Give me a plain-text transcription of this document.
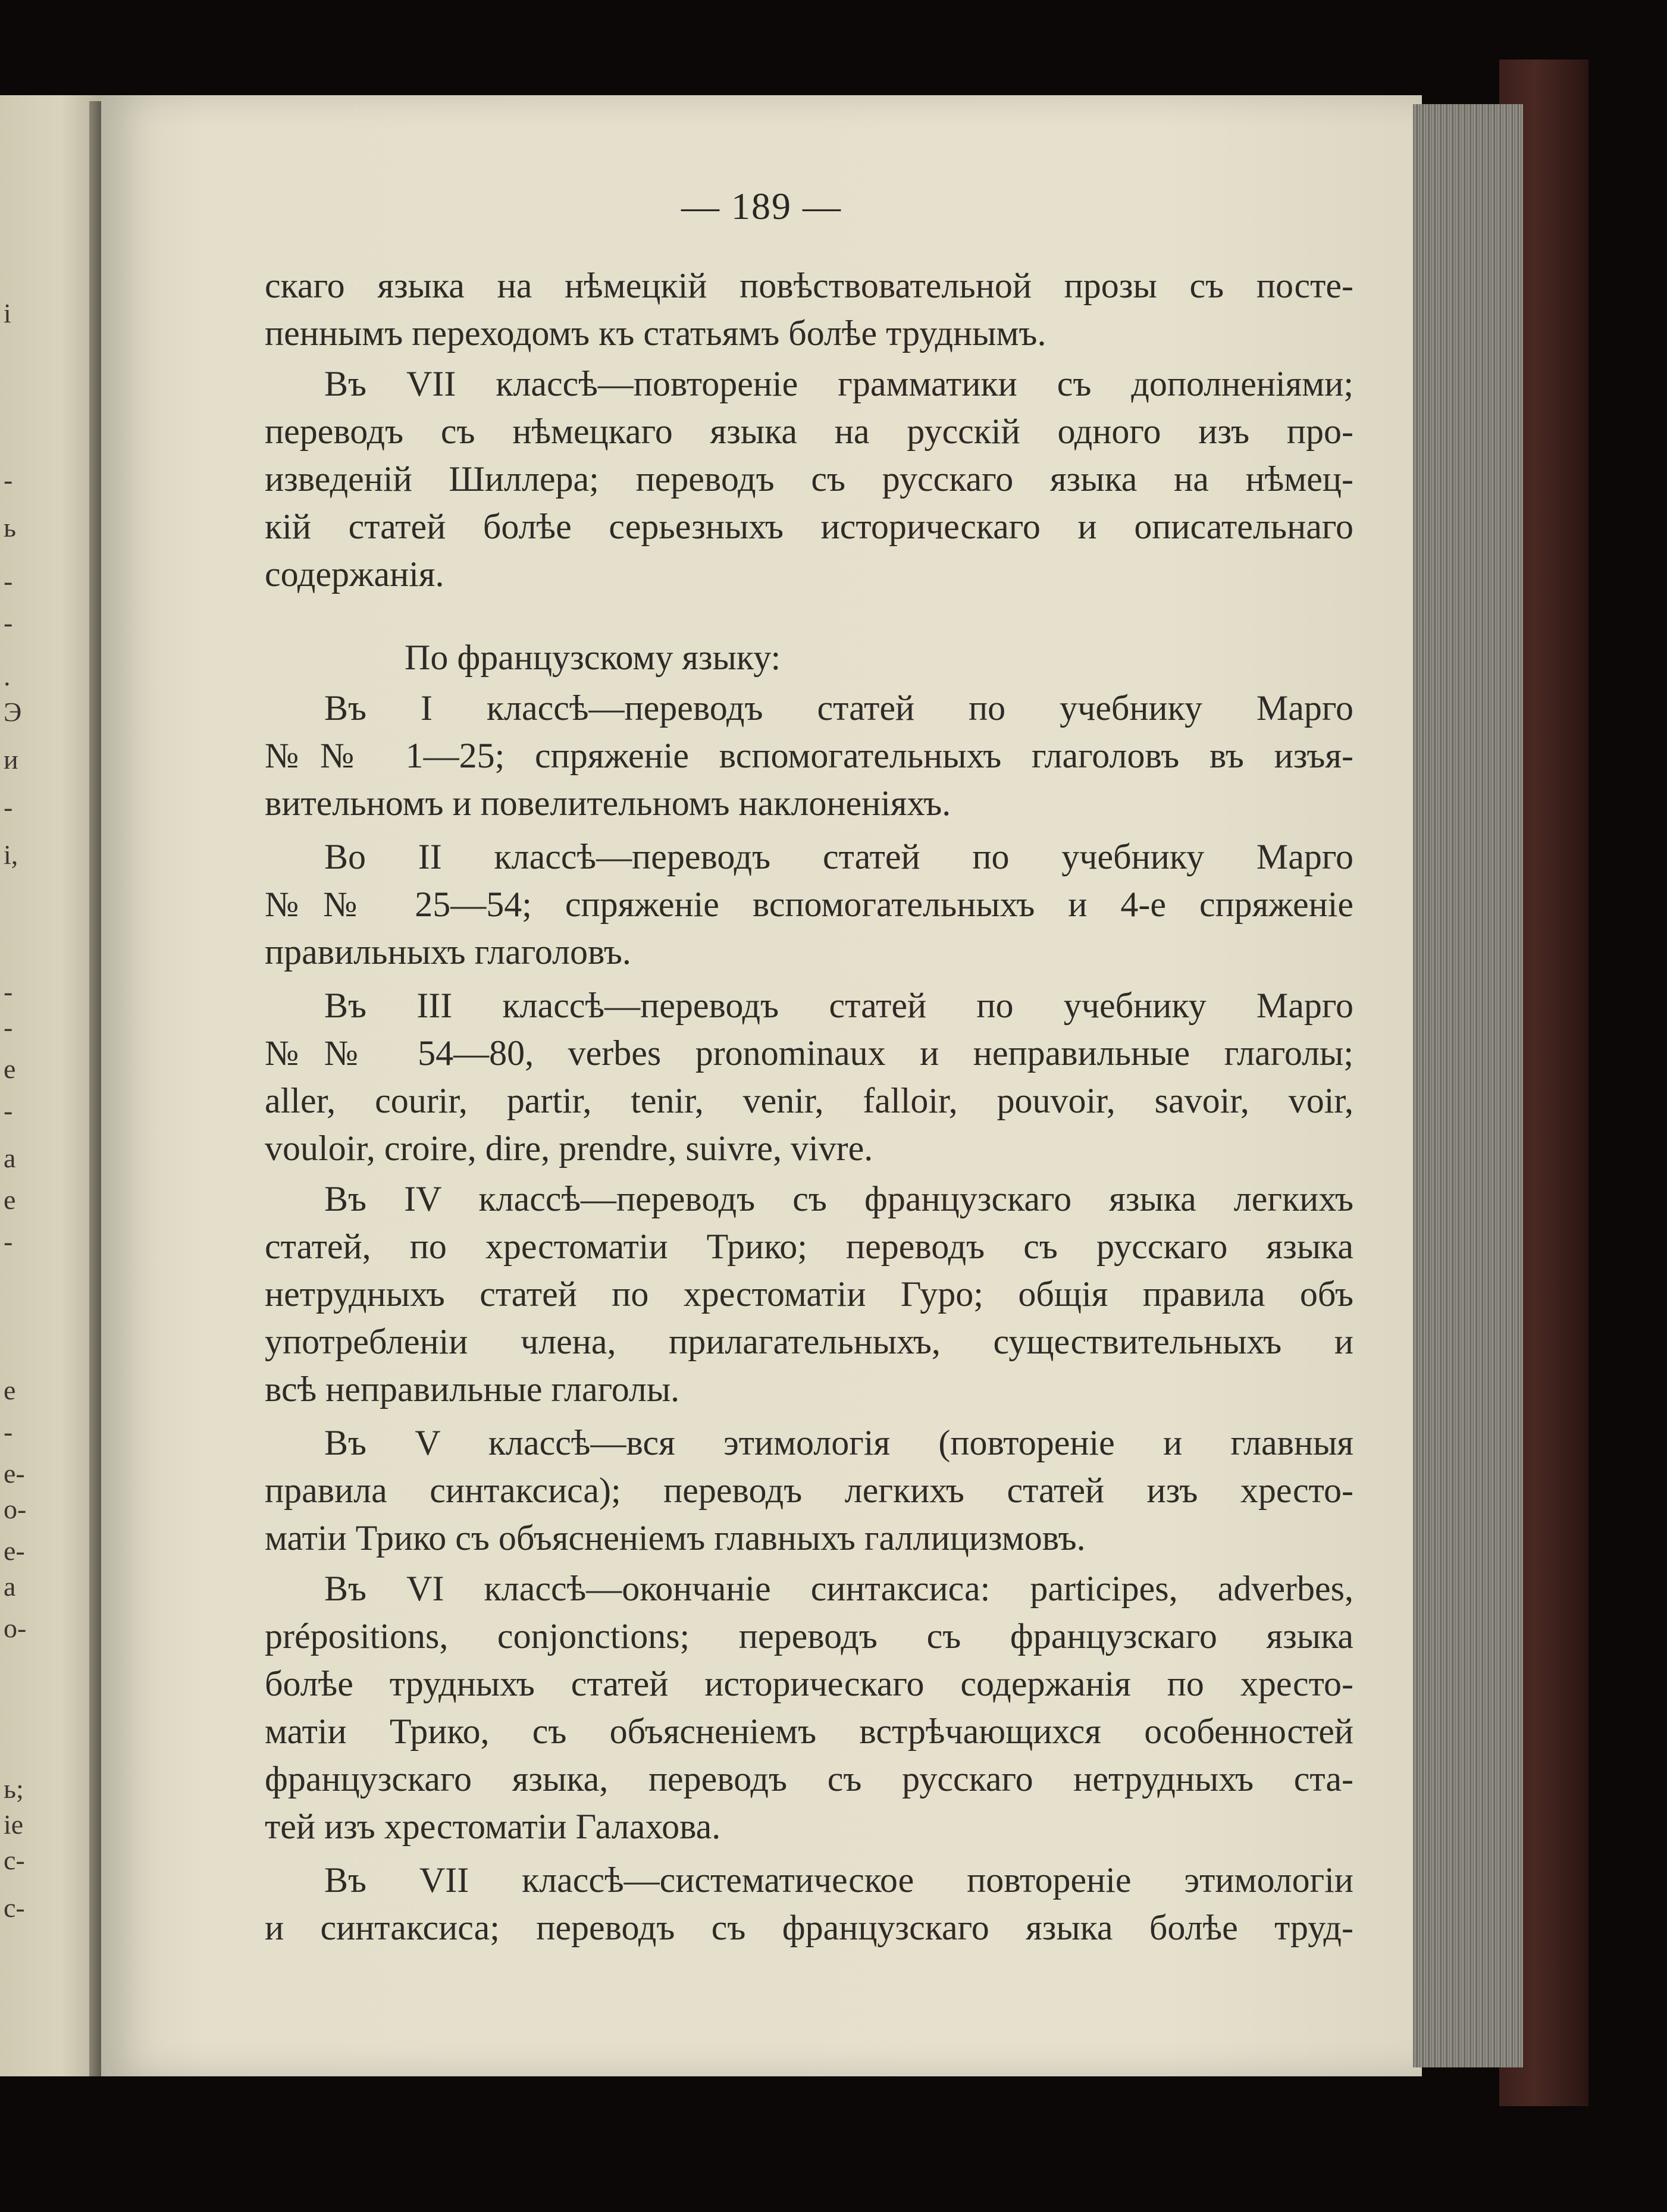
i
-
ь
-
-
.
Э
и
-
i,
-
-
е
-
а
е
-
е
-
е-
о-
е-
а
о-
ь;
iе
с-
с-
— 189 —
скаго языка на нѣмецкій повѣствовательной прозы съ посте-
пеннымъ переходомъ къ статьямъ болѣе труднымъ.
Въ VII классѣ—повтореніе грамматики съ дополненіями;
переводъ съ нѣмецкаго языка на русскій одного изъ про-
изведеній Шиллера; переводъ съ русскаго языка на нѣмец-
кій статей болѣе серьезныхъ историческаго и описательнаго
содержанія.
По французскому языку:
Въ I классѣ—переводъ статей по учебнику Марго
№№ 1—25; спряженіе вспомогательныхъ глаголовъ въ изъя-
вительномъ и повелительномъ наклоненіяхъ.
Во II классѣ—переводъ статей по учебнику Марго
№№ 25—54; спряженіе вспомогательныхъ и 4-е спряженіе
правильныхъ глаголовъ.
Въ III классѣ—переводъ статей по учебнику Марго
№№ 54—80, verbes pronominaux и неправильные глаголы;
aller, courir, partir, tenir, venir, falloir, pouvoir, savoir, voir,
vouloir, croire, dire, prendre, suivre, vivre.
Въ IV классѣ—переводъ съ французскаго языка легкихъ
статей, по хрестоматіи Трико; переводъ съ русскаго языка
нетрудныхъ статей по хрестоматіи Гуро; общія правила объ
употребленіи члена, прилагательныхъ, существительныхъ и
всѣ неправильные глаголы.
Въ V классѣ—вся этимологія (повтореніе и главныя
правила синтаксиса); переводъ легкихъ статей изъ хресто-
матіи Трико съ объясненіемъ главныхъ галлицизмовъ.
Въ VI классѣ—окончаніе синтаксиса: participes, adverbes,
prépositions, conjonctions; переводъ съ французскаго языка
болѣе трудныхъ статей историческаго содержанія по хресто-
матіи Трико, съ объясненіемъ встрѣчающихся особенностей
французскаго языка, переводъ съ русскаго нетрудныхъ ста-
тей изъ хрестоматіи Галахова.
Въ VII классѣ—систематическое повтореніе этимологіи
и синтаксиса; переводъ съ французскаго языка болѣе труд-
